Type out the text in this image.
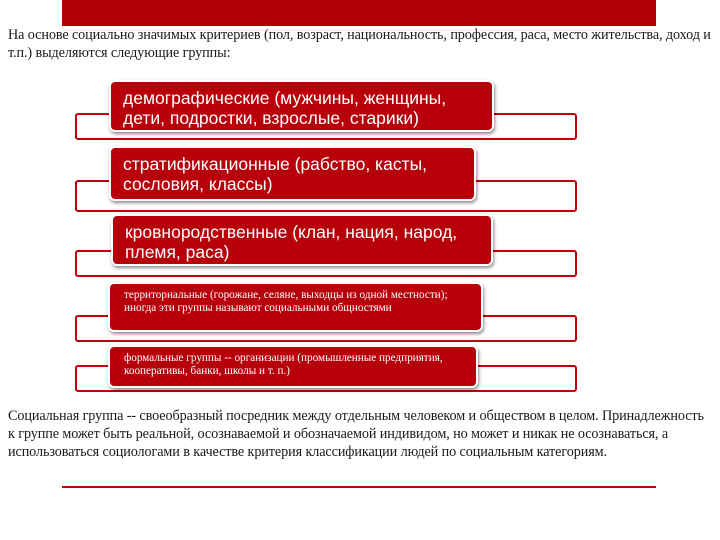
На основе социально значимых критериев (пол, возраст, национальность, профессия, раса, место жительства, доход и т.п.) выделяются следующие группы:
демографические (мужчины, женщины, дети, подростки, взрослые, старики)
стратификационные (рабство, касты, сословия, классы)
кровнородственные (клан, нация, народ, племя, раса)
территориальные (горожане, селяне, выходцы из одной местности); иногда эти группы называют социальными общностями
формальные группы -- организации (промышленные предприятия, кооперативы, банки, школы и т. п.)
Социальная группа -- своеобразный посредник между отдельным человеком и обществом в целом. Принадлежность к группе может быть реальной, осознаваемой и обозначаемой индивидом, но может и никак не осознаваться, а использоваться социологами в качестве критерия классификации людей по социальным категориям.
